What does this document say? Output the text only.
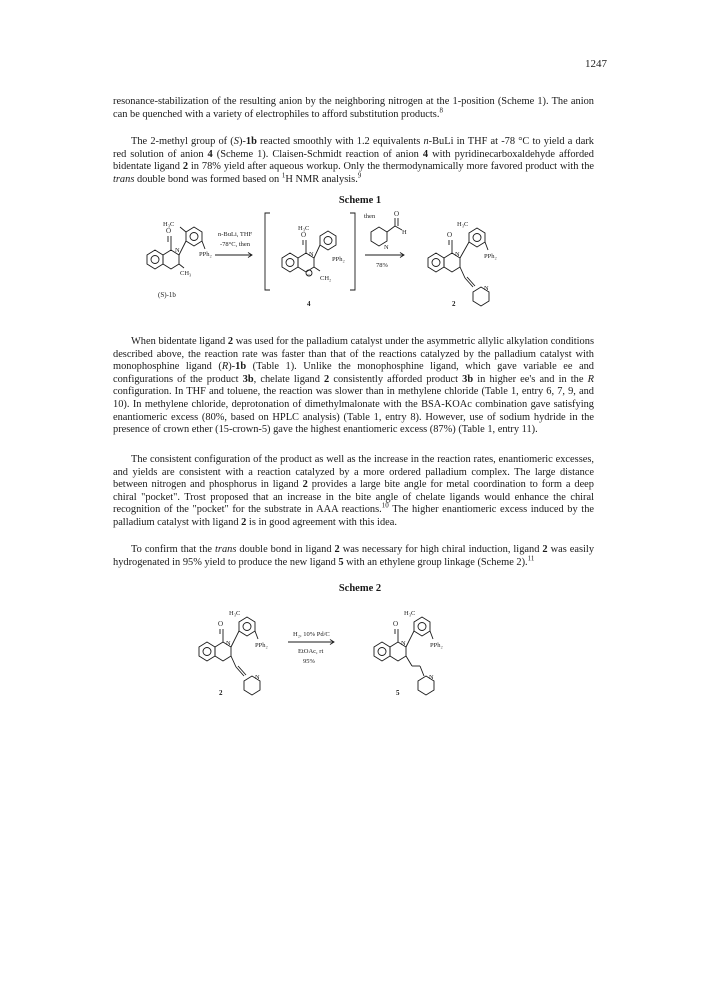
1247

resonance-stabilization of the resulting anion by the neighboring nitrogen at the 1-position (Scheme 1). The anion can be quenched with a variety of electrophiles to afford substitution products.$^8$

The 2-methyl group of (S)-1b reacted smoothly with 1.2 equivalents n-BuLi in THF at -78 °C to yield a dark red solution of anion 4 (Scheme 1). Claisen-Schmidt reaction of anion 4 with pyridinecarboxaldehyde afforded bidentate ligand 2 in 78% yield after aqueous workup. Only the thermodynamically more favored product with the trans double bond was formed based on $^1$H NMR analysis.$^9$

Scheme 1
O
N
H₃C
PPh₂
CH₃
(S)-1b
n-BuLi, THF
-78°C, then
O
N
H₃C
PPh₂
CH₂
−
4
then	O
H
N
78%
O
N
H₃C
PPh₂
N
2

When bidentate ligand 2 was used for the palladium catalyst under the asymmetric allylic alkylation conditions described above, the reaction rate was faster than that of the reactions catalyzed by the palladium catalyst with monophosphine ligand (R)-1b (Table 1). Unlike the monophosphine ligand, which gave variable ee and configurations of the product 3b, chelate ligand 2 consistently afforded product 3b in higher ee's and in the R configuration. In THF and toluene, the reaction was slower than in methylene chloride (Table 1, entry 6, 7, 9, and 10). In methylene chloride, deprotonation of dimethylmalonate with the BSA-KOAc combination gave satisfying enantiomeric excess (80%, based on HPLC analysis) (Table 1, entry 8). However, use of sodium hydride in the presence of crown ether (15-crown-5) gave the highest enantiomeric excess (87%) (Table 1, entry 11).

The consistent configuration of the product as well as the increase in the reaction rates, enantiomeric excesses, and yields are consistent with a reaction catalyzed by a more ordered palladium complex. The large distance between nitrogen and phosphorus in ligand 2 provides a large bite angle for metal coordination to form a deep chiral "pocket". Trost proposed that an increase in the bite angle of chelate ligands would enhance the chiral recognition of the "pocket" for the substrate in AAA reactions.$^{10}$ The higher enantiomeric excess induced by the palladium catalyst with ligand 2 is in good agreement with this idea.

To confirm that the trans double bond in ligand 2 was necessary for high chiral induction, ligand 2 was easily hydrogenated in 95% yield to produce the new ligand 5 with an ethylene group linkage (Scheme 2).$^{11}$

Scheme 2
O
N
H₃C
PPh₂
N
2
H₂, 10% Pd/C
EtOAc, rt
95%
O
N
H₃C
PPh₂
N
5
